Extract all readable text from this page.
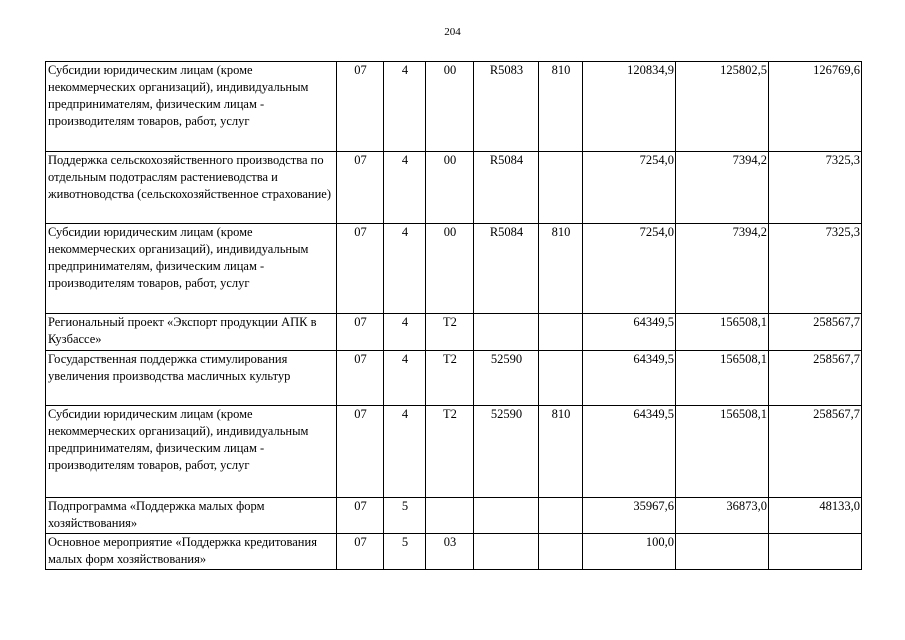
204
Субсидии юридическим лицам (кроме некоммерческих организаций), индивидуальным предпринимателям, физическим лицам - производителям товаров, работ, услуг	07	4	00	R5083	810	120834,9	125802,5	126769,6
Поддержка сельскохозяйственного производства по отдельным подотраслям растениеводства и животноводства (сельскохозяйственное страхование)	07	4	00	R5084		7254,0	7394,2	7325,3
Субсидии юридическим лицам (кроме некоммерческих организаций), индивидуальным предпринимателям, физическим лицам - производителям товаров, работ, услуг	07	4	00	R5084	810	7254,0	7394,2	7325,3
Региональный проект «Экспорт продукции АПК в Кузбассе»	07	4	Т2			64349,5	156508,1	258567,7
Государственная поддержка стимулирования увеличения производства масличных культур	07	4	Т2	52590		64349,5	156508,1	258567,7
Субсидии юридическим лицам (кроме некоммерческих организаций), индивидуальным предпринимателям, физическим лицам - производителям товаров, работ, услуг	07	4	Т2	52590	810	64349,5	156508,1	258567,7
Подпрограмма «Поддержка малых форм хозяйствования»	07	5				35967,6	36873,0	48133,0
Основное мероприятие «Поддержка кредитования малых форм хозяйствования»	07	5	03			100,0		
